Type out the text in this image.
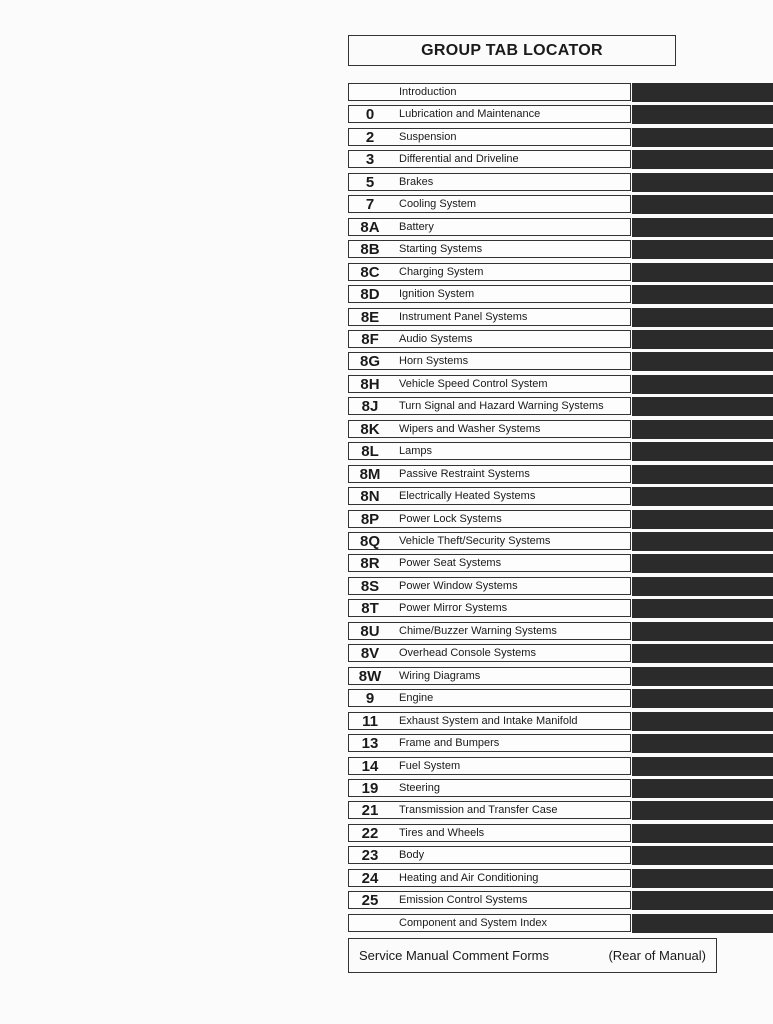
GROUP TAB LOCATOR
Introduction
0	Lubrication and Maintenance
2	Suspension
3	Differential and Driveline
5	Brakes
7	Cooling System
8A	Battery
8B	Starting Systems
8C	Charging System
8D	Ignition System
8E	Instrument Panel Systems
8F	Audio Systems
8G	Horn Systems
8H	Vehicle Speed Control System
8J	Turn Signal and Hazard Warning Systems
8K	Wipers and Washer Systems
8L	Lamps
8M	Passive Restraint Systems
8N	Electrically Heated Systems
8P	Power Lock Systems
8Q	Vehicle Theft/Security Systems
8R	Power Seat Systems
8S	Power Window Systems
8T	Power Mirror Systems
8U	Chime/Buzzer Warning Systems
8V	Overhead Console Systems
8W	Wiring Diagrams
9	Engine
11	Exhaust System and Intake Manifold
13	Frame and Bumpers
14	Fuel System
19	Steering
21	Transmission and Transfer Case
22	Tires and Wheels
23	Body
24	Heating and Air Conditioning
25	Emission Control Systems
Component and System Index
Service Manual Comment Forms	(Rear of Manual)
